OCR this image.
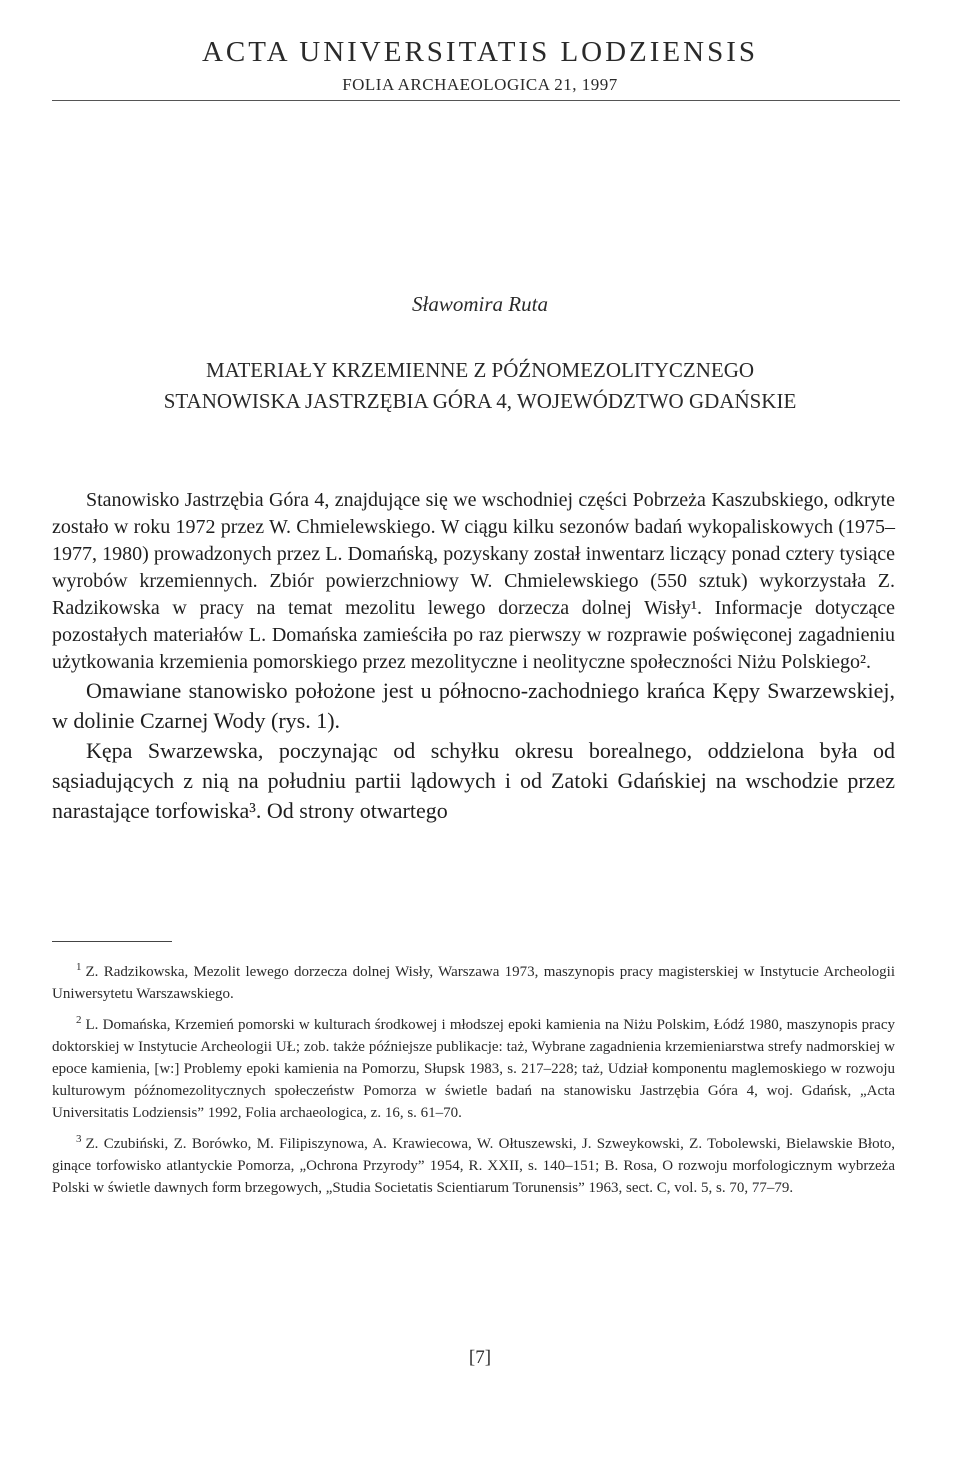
ACTA UNIVERSITATIS LODZIENSIS
FOLIA ARCHAEOLOGICA 21, 1997
Sławomira Ruta
MATERIAŁY KRZEMIENNE Z PÓŹNOMEZOLITYCZNEGO
STANOWISKA JASTRZĘBIA GÓRA 4, WOJEWÓDZTWO GDAŃSKIE

Stanowisko Jastrzębia Góra 4, znajdujące się we wschodniej części Pobrzeża Kaszubskiego, odkryte zostało w roku 1972 przez W. Chmielewskiego. W ciągu kilku sezonów badań wykopaliskowych (1975–1977, 1980) prowadzonych przez L. Domańską, pozyskany został inwentarz liczący ponad cztery tysiące wyrobów krzemiennych. Zbiór powierzchniowy W. Chmielewskiego (550 sztuk) wykorzystała Z. Radzikowska w pracy na temat mezolitu lewego dorzecza dolnej Wisły¹. Informacje dotyczące pozostałych materiałów L. Domańska zamieściła po raz pierwszy w rozprawie poświęconej zagadnieniu użytkowania krzemienia pomorskiego przez mezolityczne i neolityczne społeczności Niżu Polskiego².

Omawiane stanowisko położone jest u północno-zachodniego krańca Kępy Swarzewskiej, w dolinie Czarnej Wody (rys. 1).

Kępa Swarzewska, poczynając od schyłku okresu borealnego, oddzielona była od sąsiadujących z nią na południu partii lądowych i od Zatoki Gdańskiej na wschodzie przez narastające torfowiska³. Od strony otwartego

$^1$ Z. Radzikowska, Mezolit lewego dorzecza dolnej Wisły, Warszawa 1973, maszynopis pracy magisterskiej w Instytucie Archeologii Uniwersytetu Warszawskiego.

$^2$ L. Domańska, Krzemień pomorski w kulturach środkowej i młodszej epoki kamienia na Niżu Polskim, Łódź 1980, maszynopis pracy doktorskiej w Instytucie Archeologii UŁ; zob. także późniejsze publikacje: taż, Wybrane zagadnienia krzemieniarstwa strefy nadmorskiej w epoce kamienia, [w:] Problemy epoki kamienia na Pomorzu, Słupsk 1983, s. 217–228; taż, Udział komponentu maglemoskiego w rozwoju kulturowym późnomezolitycznych społeczeństw Pomorza w świetle badań na stanowisku Jastrzębia Góra 4, woj. Gdańsk, „Acta Universitatis Lodziensis” 1992, Folia archaeologica, z. 16, s. 61–70.

$^3$ Z. Czubiński, Z. Borówko, M. Filipiszynowa, A. Krawiecowa, W. Ołtuszewski, J. Szweykowski, Z. Tobolewski, Bielawskie Błoto, ginące torfowisko atlantyckie Pomorza, „Ochrona Przyrody” 1954, R. XXII, s. 140–151; B. Rosa, O rozwoju morfologicznym wybrzeża Polski w świetle dawnych form brzegowych, „Studia Societatis Scientiarum Torunensis” 1963, sect. C, vol. 5, s. 70, 77–79.

[7]
